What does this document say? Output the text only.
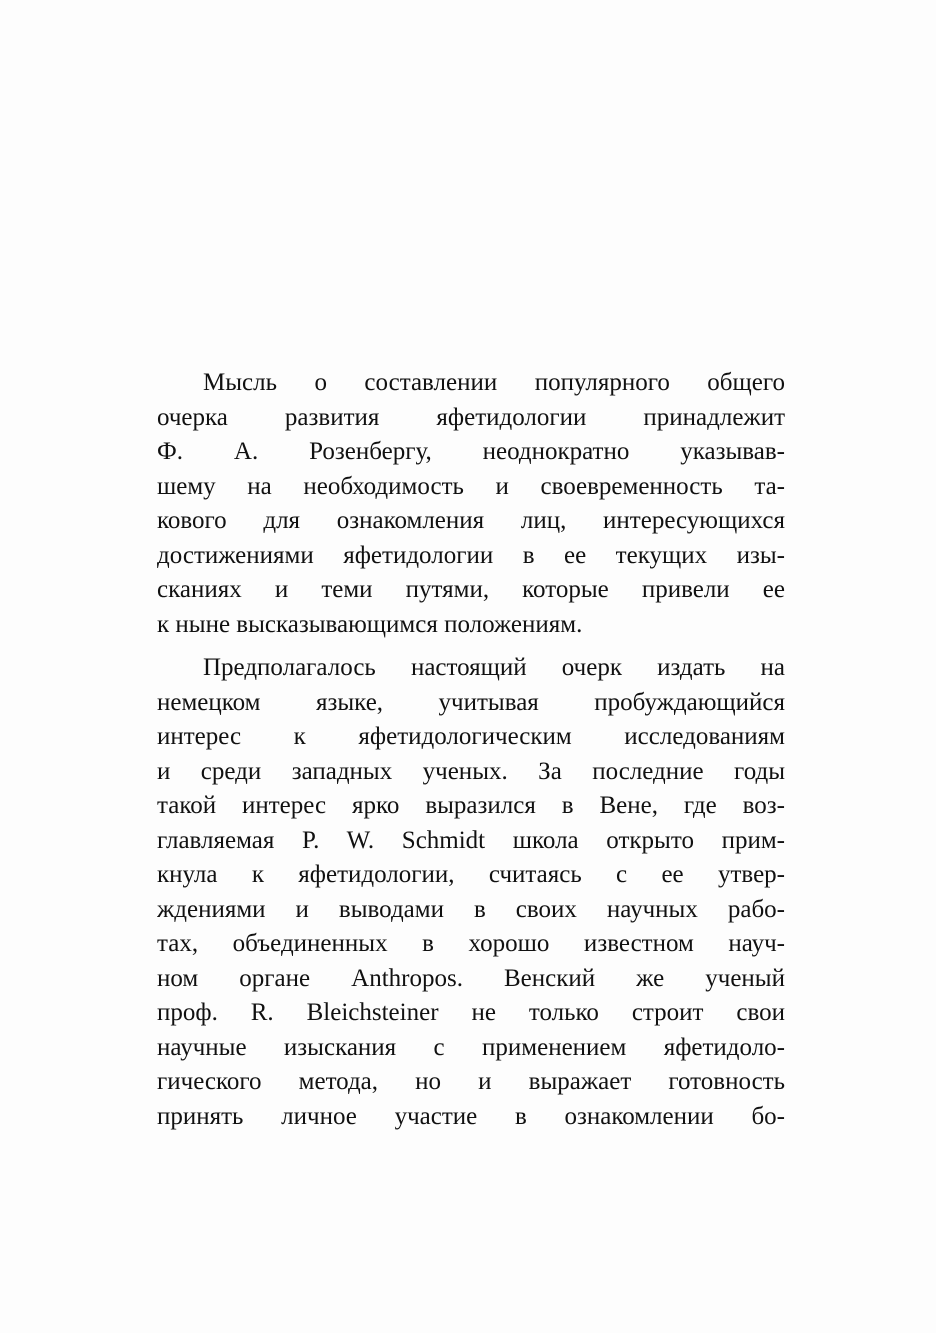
Мысль о составлении популярного общего
очерка развития яфетидологии принадлежит
Ф. А. Розенбергу, неоднократно указывав-
шему на необходимость и своевременность та-
кового для ознакомления лиц, интересующихся
достижениями яфетидологии в ее текущих изы-
сканиях и теми путями, которые привели ее
к ныне высказывающимся положениям.

Предполагалось настоящий очерк издать на
немецком языке, учитывая пробуждающийся
интерес к яфетидологическим исследованиям
и среди западных ученых. За последние годы
такой интерес ярко выразился в Вене, где воз-
главляемая P. W. Schmidt школа открыто прим-
кнула к яфетидологии, считаясь с ее утвер-
ждениями и выводами в своих научных рабо-
тах, объединенных в хорошо известном науч-
ном органе Anthropos. Венский же ученый
проф. R. Bleichsteiner не только строит свои
научные изыскания с применением яфетидоло-
гического метода, но и выражает готовность
принять личное участие в ознакомлении бо-
